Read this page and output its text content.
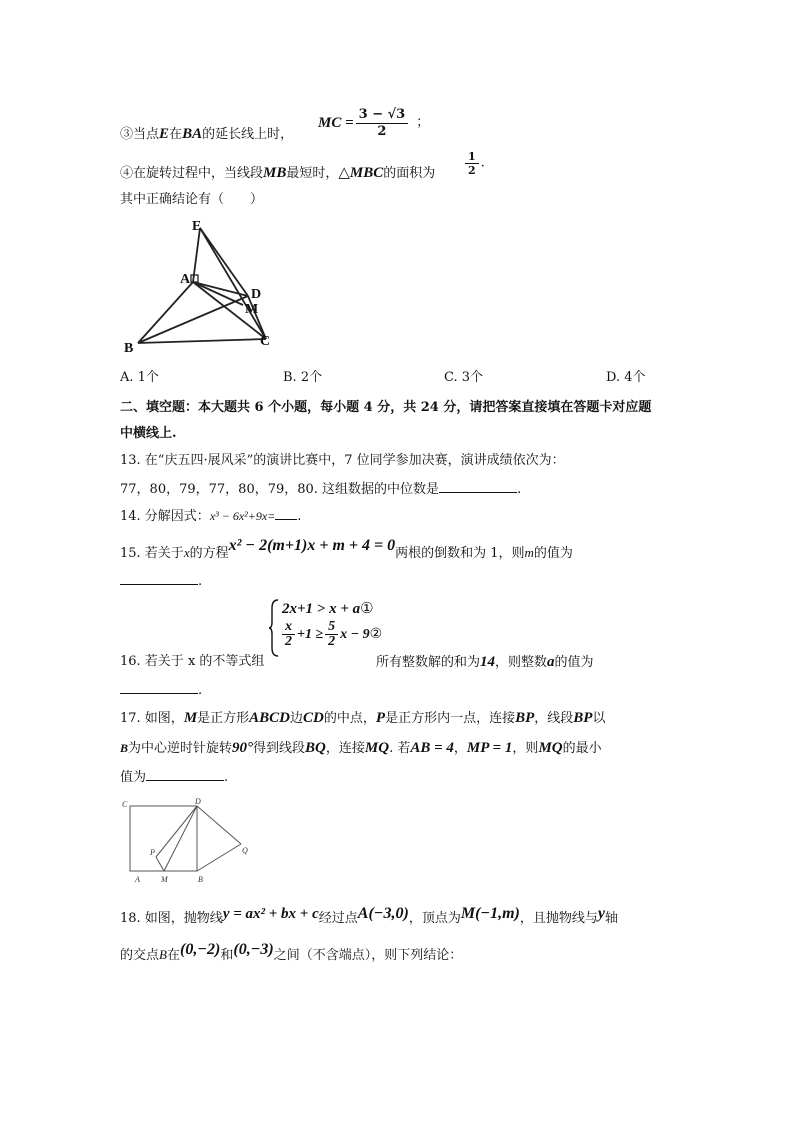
③当点E在BA的延长线上时，
MC = $\frac{3 - √3}{2}$ ；
④在旋转过程中，当线段MB最短时，△MBC的面积为	$\frac{1}{2}$ .
其中正确结论有（　　）
E
A
D
M
B	C
A. 1个	B. 2个	C. 3个	D. 4个
二、填空题：本大题共 6 个小题，每小题 4 分，共 24 分，请把答案直接填在答题卡对应题
中横线上.
13. 在“庆五四·展风采”的演讲比赛中，7 位同学参加决赛，演讲成绩依次为：
77，80，79，77，80，79，80. 这组数据的中位数是	.
14. 分解因式：x³ − 6x²+9x= .
15. 若关于x的方程x² − 2(m+1)x + m + 4 = 0两根的倒数和为 1，则m的值为
.
2x+1 > x + a①
$\frac{x}{2} +1 \ge \frac{5}{2}$ x − 9 ②
16. 若关于 x 的不等式组	所有整数解的和为14，则整数a的值为
.
17. 如图，M是正方形ABCD边CD的中点，P是正方形内一点，连接BP，线段BP以
B为中心逆时针旋转90°得到线段BQ，连接MQ. 若AB = 4，MP = 1，则MQ的最小
值为	.
C	D
P	Q
A	M	B
18. 如图，抛物线y = ax² + bx + c经过点A(−3,0)，顶点为M(−1,m)，且抛物线与y轴
的交点B在(0,−2)和(0,−3)之间（不含端点），则下列结论：
